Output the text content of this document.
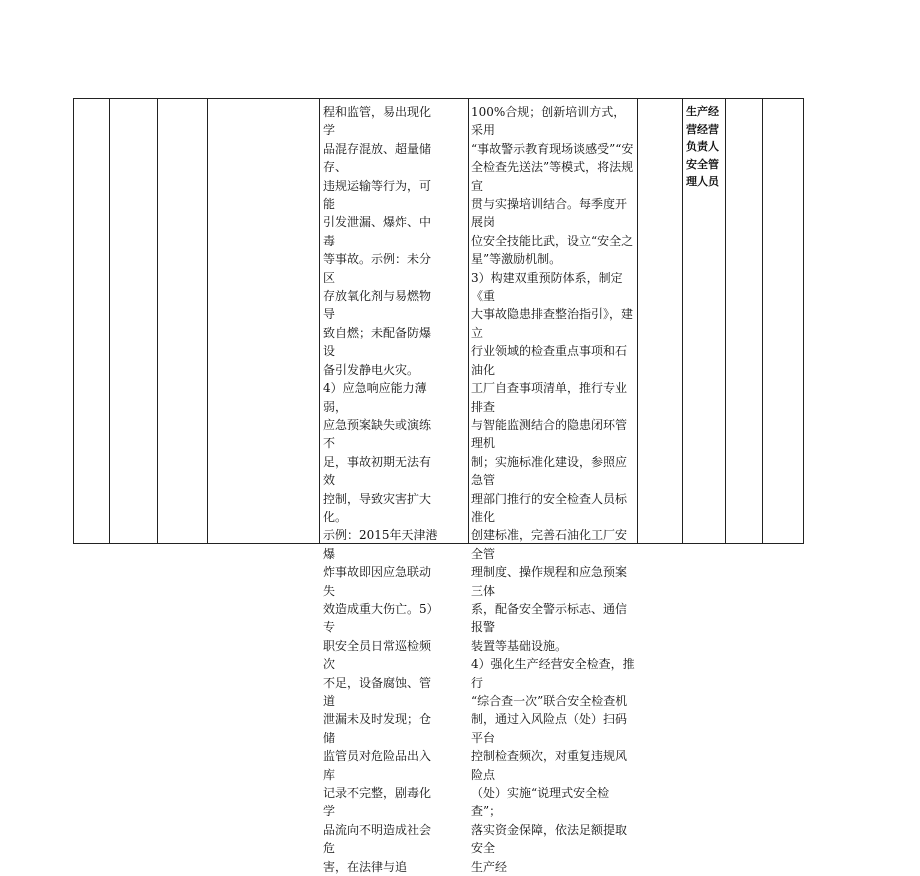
程和监管，易出现化学
品混存混放、超量储存、
违规运输等行为，可能
引发泄漏、爆炸、中毒
等事故。示例：未分区
存放氧化剂与易燃物导
致自燃；未配备防爆设
备引发静电火灾。
4）应急响应能力薄弱，
应急预案缺失或演练不
足，事故初期无法有效
控制，导致灾害扩大化。
示例：2015年天津港爆
炸事故即因应急联动失
效造成重大伤亡。5）专
职安全员日常巡检频次
不足，设备腐蚀、管道
泄漏未及时发现；仓储
监管员对危险品出入库
记录不完整，剧毒化学
品流向不明造成社会危
害，在法律与追
100%合规；创新培训方式，采用
“事故警示教育现场谈感受”“安
全检查先送法”等模式，将法规宣
贯与实操培训结合。每季度开展岗
位安全技能比武，设立“安全之
星”等激励机制。
3）构建双重预防体系，制定《重
大事故隐患排查整治指引》，建立
行业领域的检查重点事项和石油化
工厂自查事项清单，推行专业排查
与智能监测结合的隐患闭环管理机
制；实施标准化建设，参照应急管
理部门推行的安全检查人员标准化
创建标准，完善石油化工厂安全管
理制度、操作规程和应急预案三体
系，配备安全警示标志、通信报警
装置等基础设施。
4）强化生产经营安全检查，推行
“综合查一次”联合安全检查机
制，通过入风险点（处）扫码平台
控制检查频次，对重复违规风险点
（处）实施“说理式安全检查”；
落实资金保障，依法足额提取安全
生产经
生产经
营经营
负责人
安全管
理人员
